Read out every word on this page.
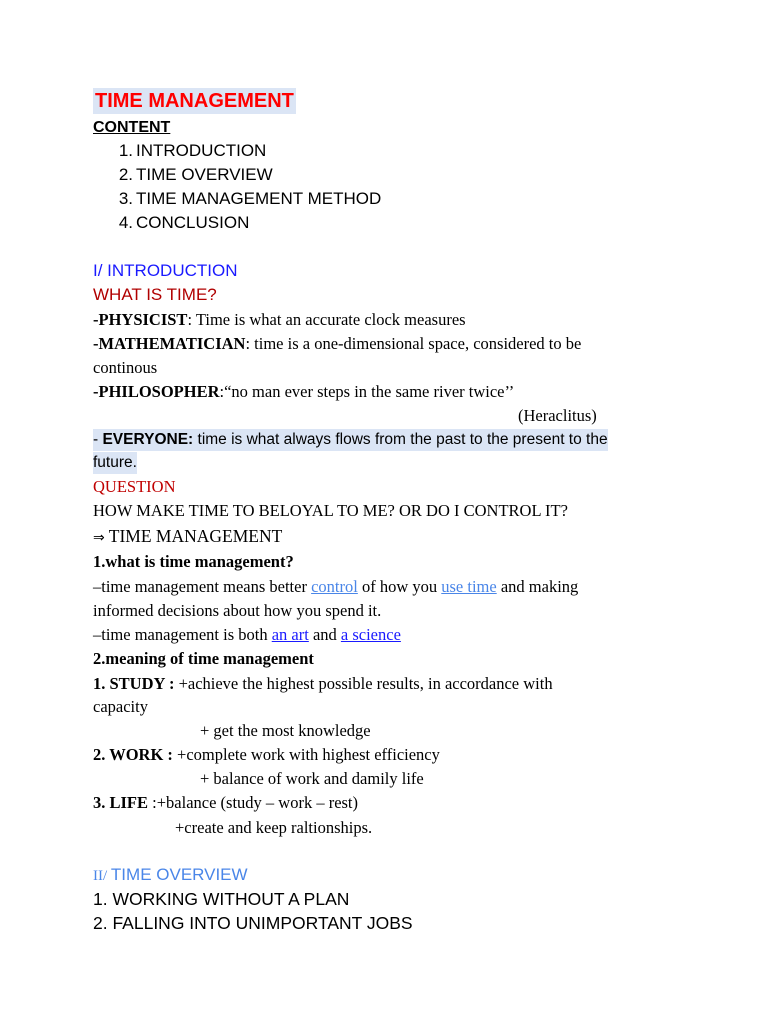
TIME MANAGEMENT
CONTENT
1. INTRODUCTION
2. TIME OVERVIEW
3. TIME MANAGEMENT METHOD
4. CONCLUSION
I/ INTRODUCTION
WHAT IS TIME?
-PHYSICIST: Time is what an accurate clock measures
-MATHEMATICIAN: time is a one-dimensional space, considered to be
continous
-PHILOSOPHER:“no man ever steps in the same river twice’’
(Heraclitus)
- EVERYONE: time is what always flows from the past to the present to the
future.
QUESTION
HOW MAKE TIME TO BELOYAL TO ME? OR DO I CONTROL IT?
⇒ TIME MANAGEMENT
1.what is time management?
–time management means better control of how you use time and making
informed decisions about how you spend it.
–time management is both an art and a science
2.meaning of time management
1. STUDY : +achieve the highest possible results, in accordance with
capacity
+ get the most knowledge
2. WORK : +complete work with highest efficiency
+ balance of work and damily life
3. LIFE :+balance (study – work – rest)
+create and keep raltionships.
II/ TIME OVERVIEW
1. WORKING WITHOUT A PLAN
2. FALLING INTO UNIMPORTANT JOBS
